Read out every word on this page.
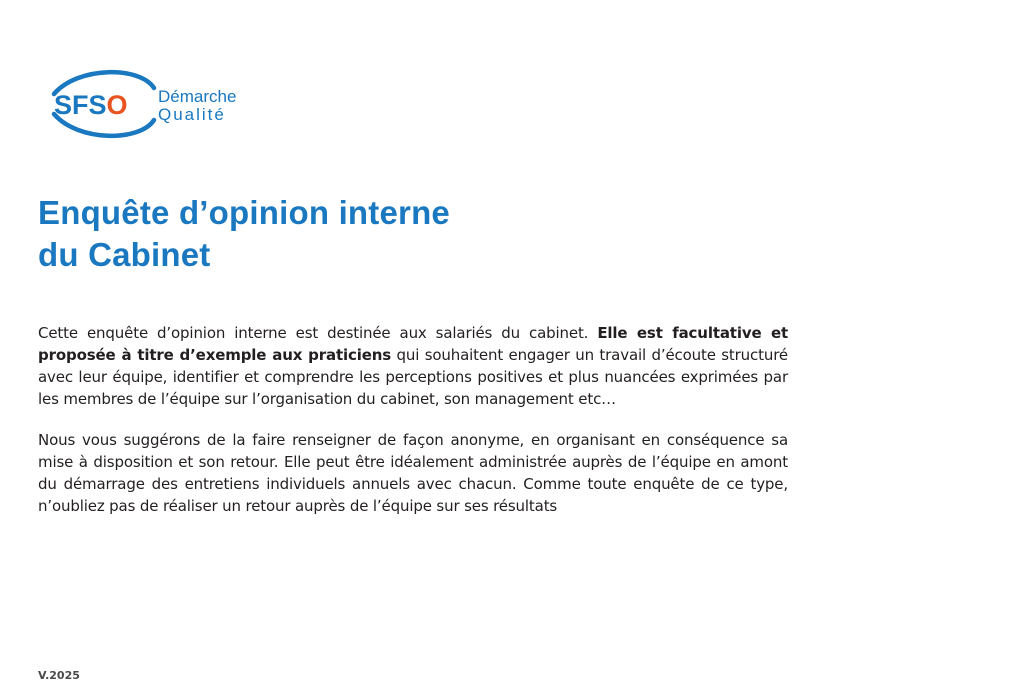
SFSO Démarche
Qualité
Enquête d’opinion interne
du Cabinet

Cette enquête d’opinion interne est destinée aux salariés du cabinet. Elle est facultative et proposée à titre d’exemple aux praticiens qui souhaitent engager un travail d’écoute structuré avec leur équipe, identifier et comprendre les perceptions positives et plus nuancées exprimées par les membres de l’équipe sur l’organisation du cabinet, son management etc…

Nous vous suggérons de la faire renseigner de façon anonyme, en organisant en conséquence sa mise à disposition et son retour. Elle peut être idéalement administrée auprès de l’équipe en amont du démarrage des entretiens individuels annuels avec chacun. Comme toute enquête de ce type, n’oubliez pas de réaliser un retour auprès de l’équipe sur ses résultats

V.2025
